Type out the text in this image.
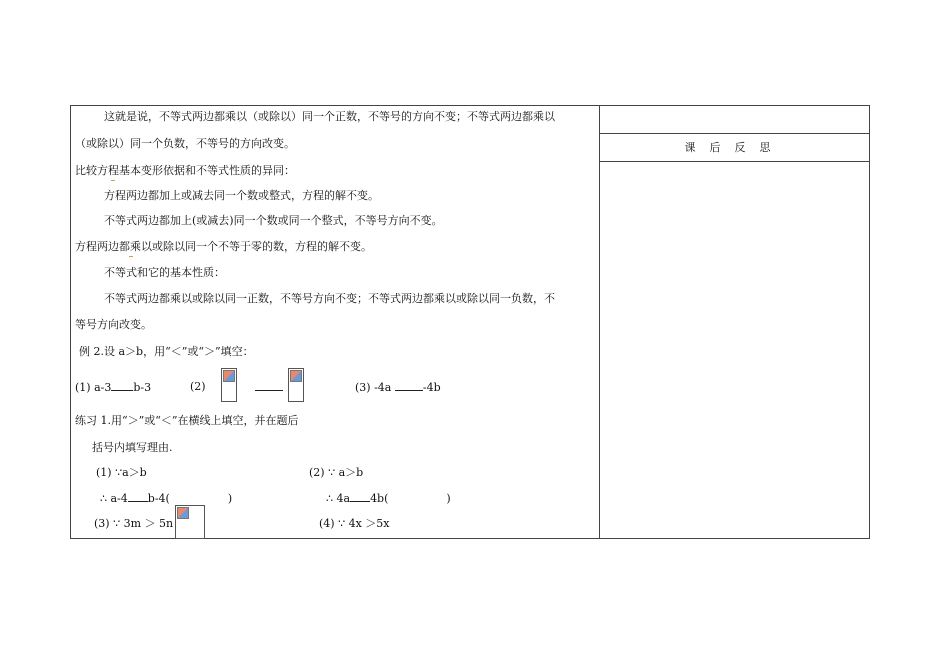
课后反思
这就是说，不等式两边都乘以（或除以）同一个正数，不等号的方向不变；不等式两边都乘以
（或除以）同一个负数，不等号的方向改变。
比较方程基本变形依据和不等式性质的异同：
方程两边都加上或减去同一个数或整式，方程的解不变。
不等式两边都加上(或减去)同一个数或同一个整式，不等号方向不变。
方程两边都乘以或除以同一个不等于零的数，方程的解不变。
不等式和它的基本性质：
不等式两边都乘以或除以同一正数，不等号方向不变；不等式两边都乘以或除以同一负数，不
等号方向改变。
例 2.设 a＞b，用“＜”或“＞”填空：
(1) a-3 b-3	(2)	(3) -4a	-4b
练习 1.用“＞”或“＜”在横线上填空，并在题后
括号内填写理由.
(1) ∵a＞b	(2) ∵ a＞b
∴ a-4 b-4(	)	∴ 4a 4b(	)
(3) ∵ 3m ＞ 5n	(4) ∵ 4x ＞5x
